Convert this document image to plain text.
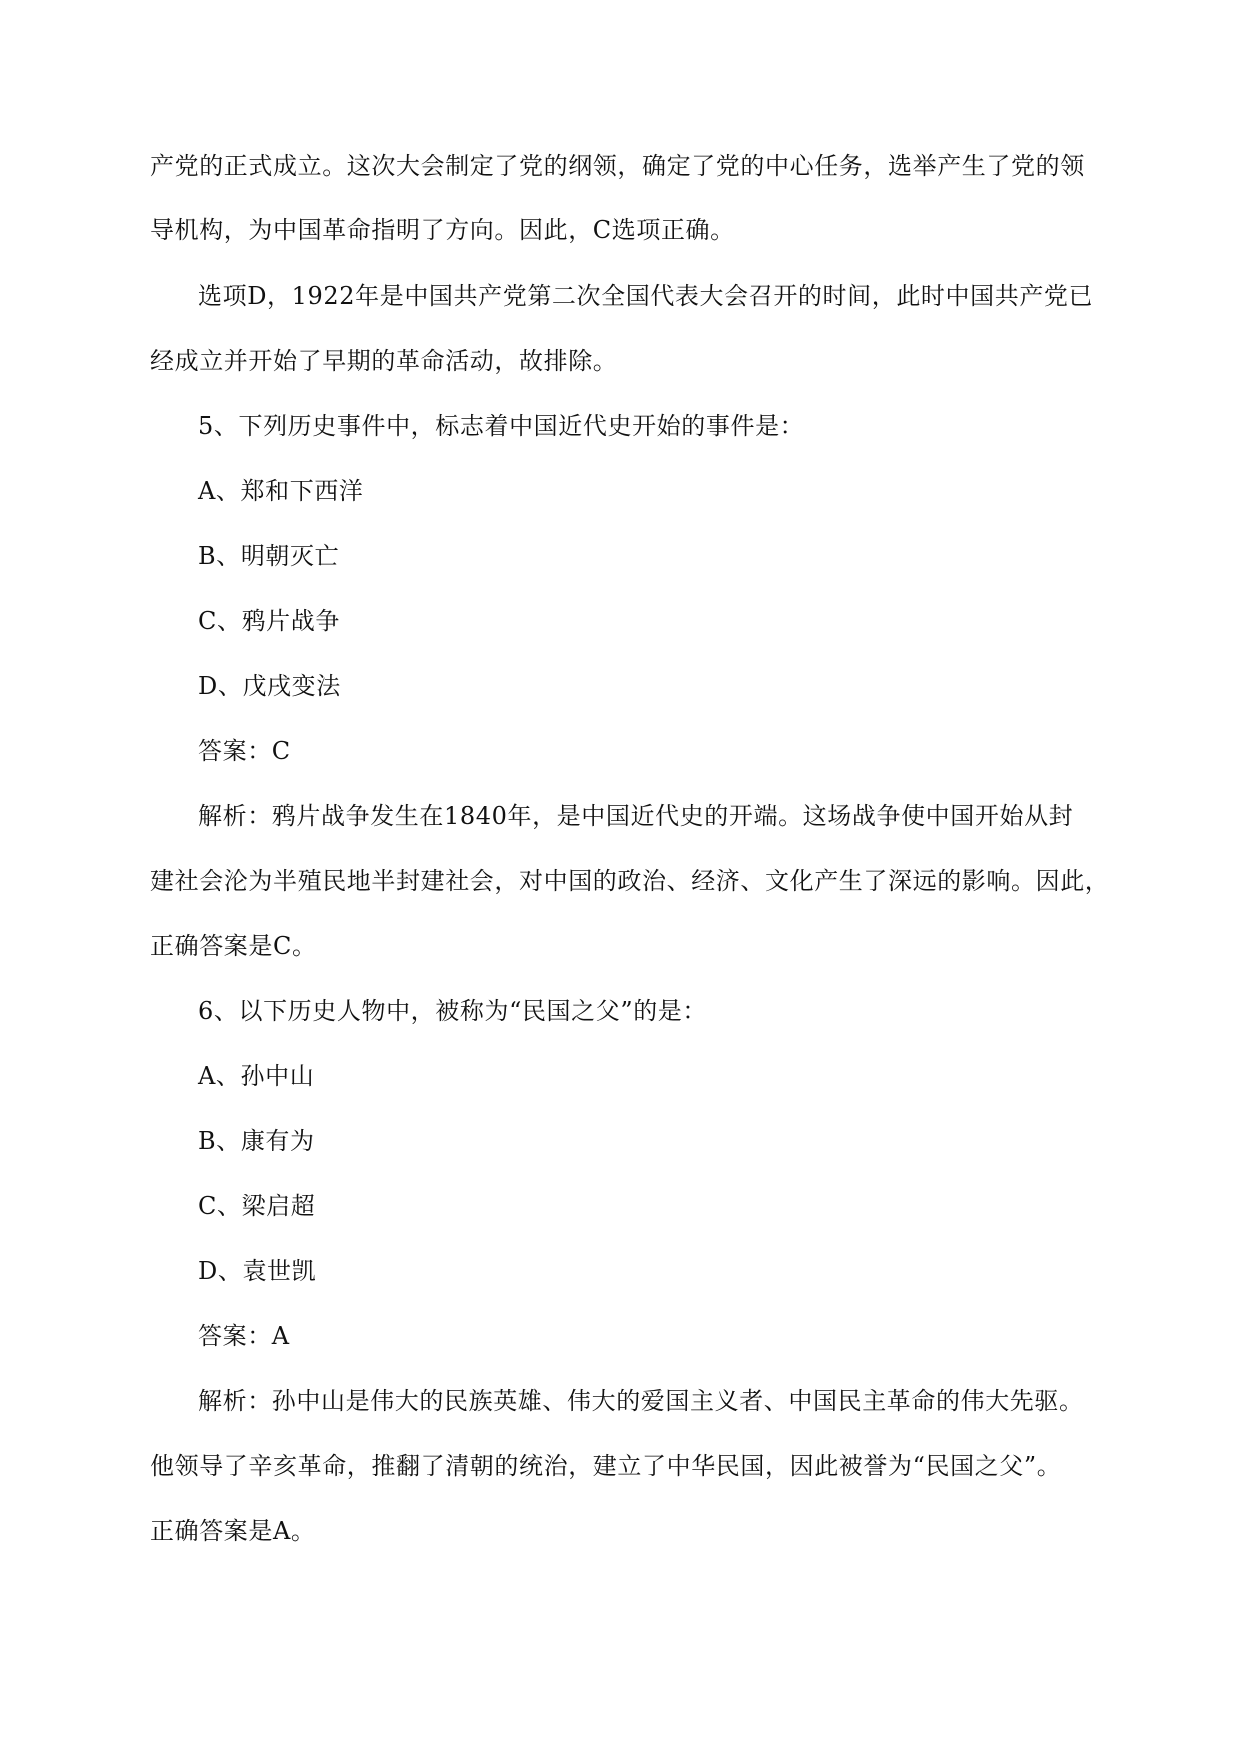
产党的正式成立。这次大会制定了党的纲领，确定了党的中心任务，选举产生了党的领
导机构，为中国革命指明了方向。因此，C选项正确。
选项D，1922年是中国共产党第二次全国代表大会召开的时间，此时中国共产党已
经成立并开始了早期的革命活动，故排除。
5、下列历史事件中，标志着中国近代史开始的事件是：
A、郑和下西洋
B、明朝灭亡
C、鸦片战争
D、戊戌变法
答案：C
解析：鸦片战争发生在1840年，是中国近代史的开端。这场战争使中国开始从封
建社会沦为半殖民地半封建社会，对中国的政治、经济、文化产生了深远的影响。因此，
正确答案是C。
6、以下历史人物中，被称为“民国之父”的是：
A、孙中山
B、康有为
C、梁启超
D、袁世凯
答案：A
解析：孙中山是伟大的民族英雄、伟大的爱国主义者、中国民主革命的伟大先驱。
他领导了辛亥革命，推翻了清朝的统治，建立了中华民国，因此被誉为“民国之父”。
正确答案是A。
